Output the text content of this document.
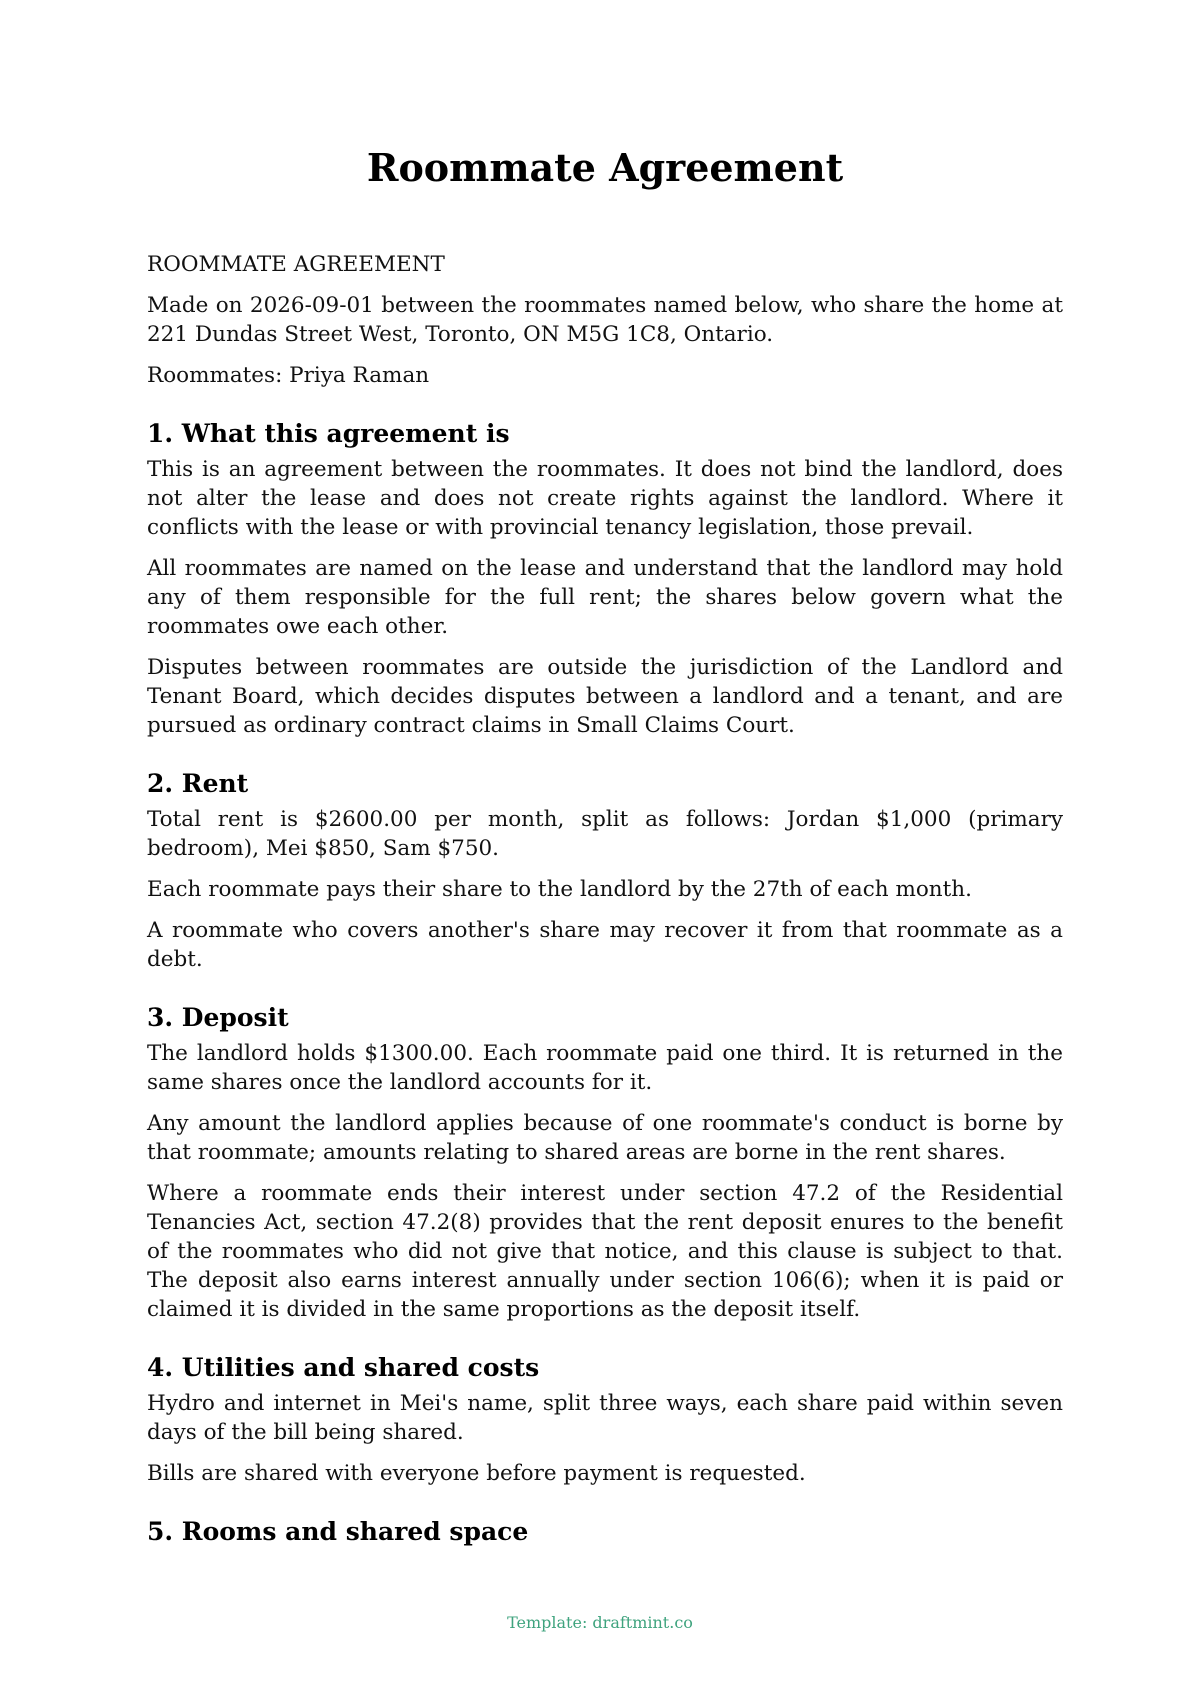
Roommate Agreement

ROOMMATE AGREEMENT

Made on 2026-09-01 between the roommates named below, who share the home at 221 Dundas Street West, Toronto, ON M5G 1C8, Ontario.

Roommates: Priya Raman

1. What this agreement is

This is an agreement between the roommates. It does not bind the landlord, does not alter the lease and does not create rights against the landlord. Where it conflicts with the lease or with provincial tenancy legislation, those prevail.

All roommates are named on the lease and understand that the landlord may hold any of them responsible for the full rent; the shares below govern what the roommates owe each other.

Disputes between roommates are outside the jurisdiction of the Landlord and Tenant Board, which decides disputes between a landlord and a tenant, and are pursued as ordinary contract claims in Small Claims Court.

2. Rent

Total rent is $2600.00 per month, split as follows: Jordan $1,000 (primary bedroom), Mei $850, Sam $750.

Each roommate pays their share to the landlord by the 27th of each month.

A roommate who covers another's share may recover it from that roommate as a debt.

3. Deposit

The landlord holds $1300.00. Each roommate paid one third. It is returned in the same shares once the landlord accounts for it.

Any amount the landlord applies because of one roommate's conduct is borne by that roommate; amounts relating to shared areas are borne in the rent shares.

Where a roommate ends their interest under section 47.2 of the Residential Tenancies Act, section 47.2(8) provides that the rent deposit enures to the benefit of the roommates who did not give that notice, and this clause is subject to that. The deposit also earns interest annually under section 106(6); when it is paid or claimed it is divided in the same proportions as the deposit itself.

4. Utilities and shared costs

Hydro and internet in Mei's name, split three ways, each share paid within seven days of the bill being shared.

Bills are shared with everyone before payment is requested.

5. Rooms and shared space
Template: draftmint.co
